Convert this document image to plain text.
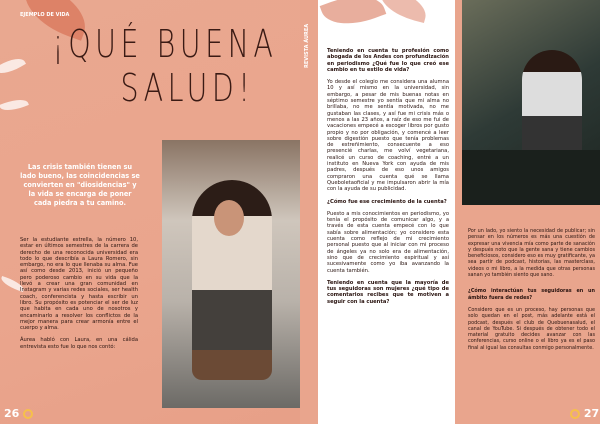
EJEMPLO DE VIDA
¡QUÉ BUENA
SALUD!
Las crisis también tienen su lado bueno, las coincidencias se convierten en "diosidencias" y la vida se encarga de poner cada piedra a tu camino.

Ser la estudiante estrella, la número 10, estar en últimos semestres de la carrera de derecho de una reconocida universidad era todo lo que describía a Laura Romero, sin embargo, no era lo que llenaba su alma. Fue así como desde 2013, inició un pequeño pero poderoso cambio en su vida que la llevó a crear una gran comunidad en Instagram y varias redes sociales, ser health coach, conferencista y hasta escribir un libro. Su propósito es potenciar el ser de luz que habita en cada uno de nosotros y encaminarlo a resolver los conflictos de la mejor manera para crear armonía entre el cuerpo y alma.

Áurea habló con Laura, en una cálida entrevista esto fue lo que nos contó:

26
REVISTA ÁUREA	Teniendo en cuenta tu profesión como abogada de los Andes con profundización en periodismo ¿Qué fue lo que creó ese cambio en tu estilo de vida?

Yo desde el colegio me considera una alumna 10 y así mismo en la universidad, sin embargo, a pesar de mis buenas notas en séptimo semestre yo sentía que mi alma no brillaba, no me sentía motivada, no me gustaban las clases, y así fue mi crisis más o menos a las 23 años, a raíz de eso me fui de vacaciones empecé a escoger libros por gusto propio y no por obligación, y comencé a leer sobre digestión puesto que tenía problemas de estreñimiento, consecuente a eso presencié charlas, me volví vegetariana, realicé un curso de coaching, entré a un instituto en Nueva York con ayuda de mis padres, después de eso unos amigos compraron una cuenta qué se llama Queboletaoficial y me impulsaron abrir la mía con la ayuda de su publicidad.

¿Cómo fue ese crecimiento de la cuenta?

Puesto a mis conocimientos en periodismo, yo tenía el propósito de comunicar algo, y a través de esta cuenta empecé con lo que sabía sobre alimentación; yo considero esta cuenta como reflejo de mi crecimiento personal puesto que al iniciar con mi proceso de ángeles ya no solo era de alimentación, sino que de crecimiento espiritual y así sucesivamente como yo iba avanzando la cuenta también.

Teniendo en cuenta que la mayoría de tus seguidoras son mujeres ¿qué tipo de comentarios recibes que te motiven a seguir con la cuenta?

Por un lado, yo siento la necesidad de publicar; sin pensar en los números es más una cuestión de expresar una vivencia mía como parte de sanación y después noto que la gente sana y tiene cambios beneficiosos, considero eso es muy gratificante, ya sea partir de podcast, historias, las masterclass, videos o mi libro, a la medida que otras personas sanan yo también siento que sano.

¿Cómo interactúan tus seguidoras en un ámbito fuera de redes?

Considero que es un proceso, hay personas que solo quedan en el post, más adelante está el podcast, después el club de Quebuenasalud, el canal de YouTube. Si después de obtener todo el material gratuito decides avanzar con las conferencias, curso online o el libro ya es el paso final al igual las consultas conmigo personalmente.

27
